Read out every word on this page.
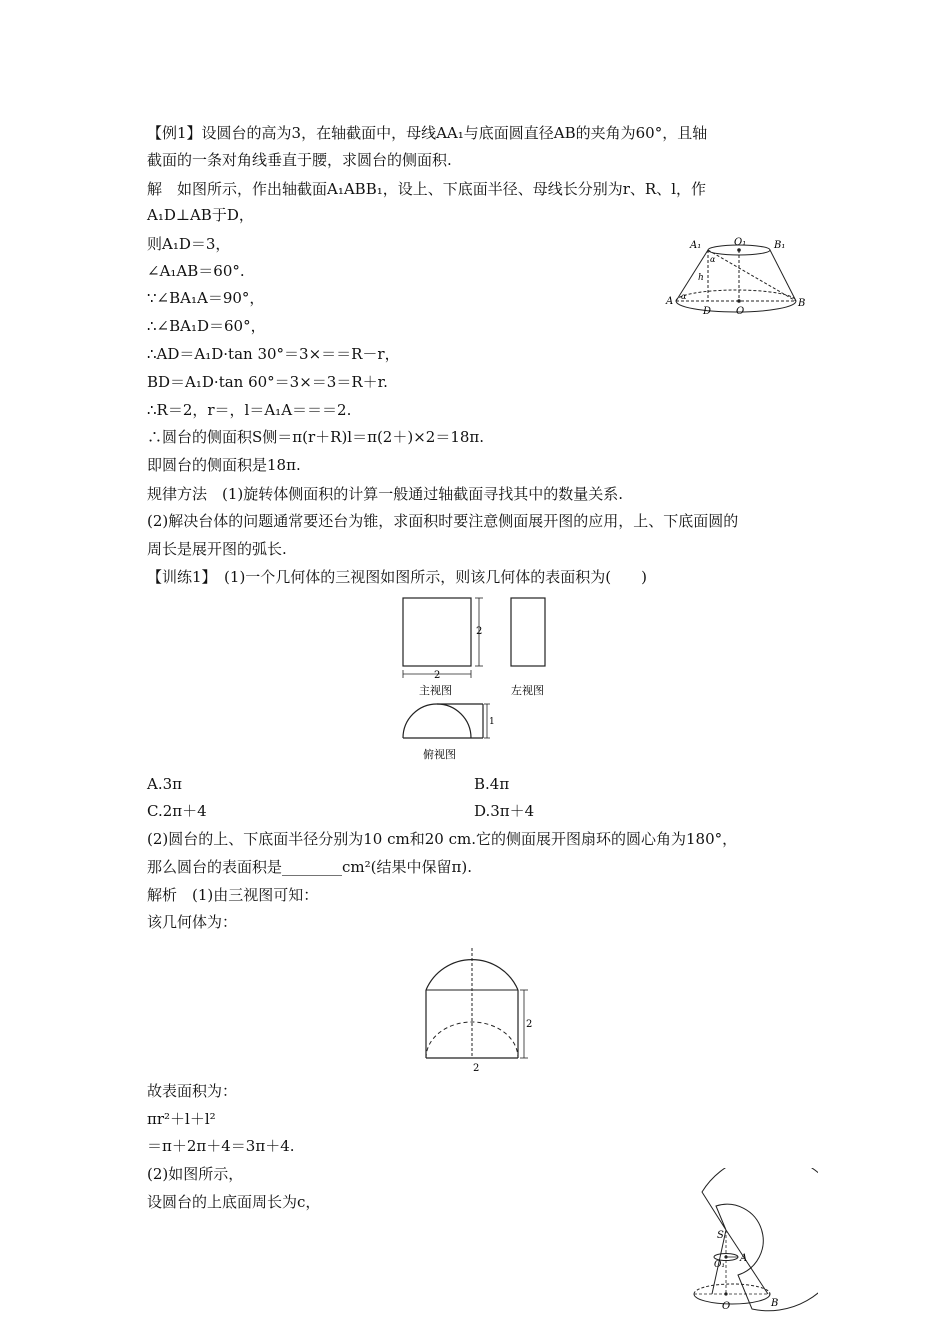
【例1】设圆台的高为3，在轴截面中，母线AA₁与底面圆直径AB的夹角为60°，且轴
截面的一条对角线垂直于腰，求圆台的侧面积.
解　如图所示，作出轴截面A₁ABB₁，设上、下底面半径、母线长分别为r、R、l，作
A₁D⊥AB于D，
则A₁D＝3，
∠A₁AB＝60°.
∵∠BA₁A＝90°，
∴∠BA₁D＝60°，
∴AD＝A₁D·tan 30°＝3×＝＝R－r，
BD＝A₁D·tan 60°＝3×＝3＝R＋r.
∴R＝2，r＝，l＝A₁A＝＝＝2.
∴圆台的侧面积S侧＝π(r＋R)l＝π(2＋)×2＝18π.
即圆台的侧面积是18π.
A₁	O₁	B₁
α
h
α
A
D O
B
规律方法　(1)旋转体侧面积的计算一般通过轴截面寻找其中的数量关系.
(2)解决台体的问题通常要还台为锥，求面积时要注意侧面展开图的应用，上、下底面圆的
周长是展开图的弧长.
【训练1】　(1)一个几何体的三视图如图所示，则该几何体的表面积为(　　)
2
2
主视图	左视图
1
俯视图
A.3π	B.4π
C.2π＋4	D.3π＋4
(2)圆台的上、下底面半径分别为10 cm和20 cm.它的侧面展开图扇环的圆心角为180°，
那么圆台的表面积是________cm²(结果中保留π).
解析　(1)由三视图可知：
该几何体为：
2
2
故表面积为：
πr²＋l＋l²
＝π＋2π＋4＝3π＋4.
(2)如图所示，
设圆台的上底面周长为c，
S
O₁
A
O	B
